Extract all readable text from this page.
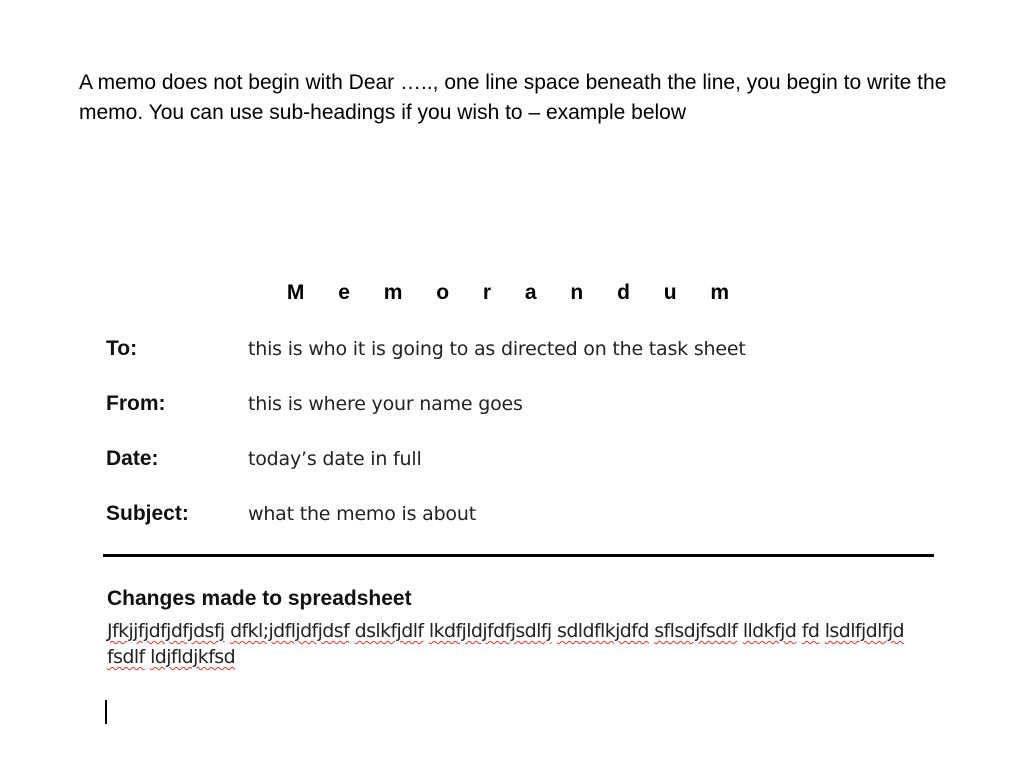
A memo does not begin with Dear ….., one line space beneath the line, you begin to write the memo. You can use sub-headings if you wish to – example below

M e m o r a n d u m
To:	this is who it is going to as directed on the task sheet
From:	this is where your name goes
Date:	today’s date in full
Subject:	what the memo is about
Changes made to spreadsheet
Jfkjjfjdfjdfjdsfj dfkl;jdfljdfjdsf dslkfjdlf lkdfjldjfdfjsdlfj sdldflkjdfd sflsdjfsdlf lldkfjd fd lsdlfjdlfjd fsdlf ldjfldjkfsd
